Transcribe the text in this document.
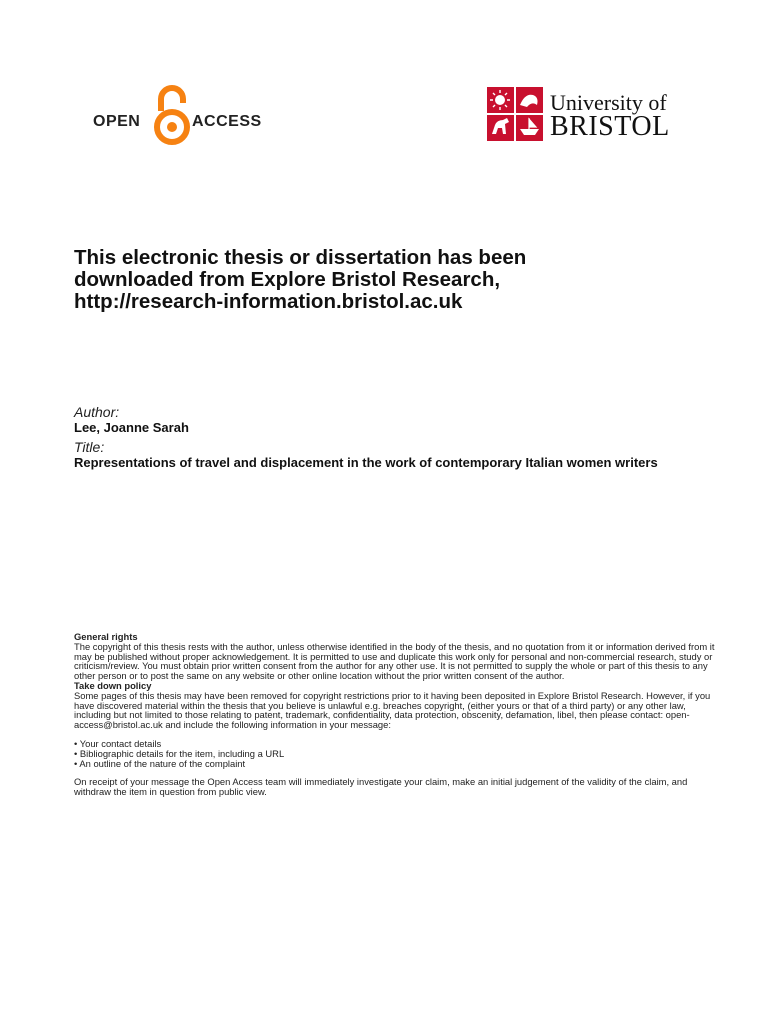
OPEN	ACCESS
University of
BRISTOL
This electronic thesis or dissertation has been
downloaded from Explore Bristol Research,
http://research-information.bristol.ac.uk
Author:
Lee, Joanne Sarah
Title:
Representations of travel and displacement in the work of contemporary Italian women writers

General rights

The copyright of this thesis rests with the author, unless otherwise identified in the body of the thesis, and no quotation from it or information derived from it may be published without proper acknowledgement. It is permitted to use and duplicate this work only for personal and non-commercial research, study or criticism/review. You must obtain prior written consent from the author for any other use. It is not permitted to supply the whole or part of this thesis to any other person or to post the same on any website or other online location without the prior written consent of the author.

Take down policy

Some pages of this thesis may have been removed for copyright restrictions prior to it having been deposited in Explore Bristol Research. However, if you have discovered material within the thesis that you believe is unlawful e.g. breaches copyright, (either yours or that of a third party) or any other law, including but not limited to those relating to patent, trademark, confidentiality, data protection, obscenity, defamation, libel, then please contact: open-access@bristol.ac.uk and include the following information in your message:

• Your contact details
• Bibliographic details for the item, including a URL
• An outline of the nature of the complaint

On receipt of your message the Open Access team will immediately investigate your claim, make an initial judgement of the validity of the claim, and withdraw the item in question from public view.
